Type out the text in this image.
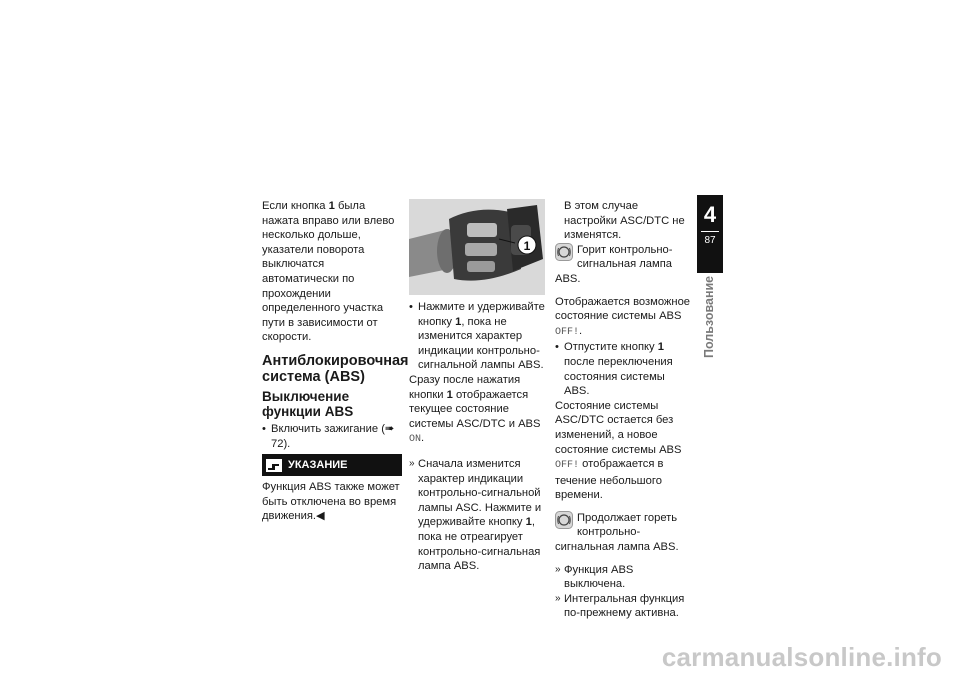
Если кнопка 1 была нажата вправо или влево несколько дольше, указатели поворота выключатся автоматически по прохождении определенного участка пути в зависимости от скорости.

Антиблокировочная система (ABS)
Выключение функции ABS

• Включить зажигание (➠ 72).

УКАЗАНИЕ

Функция ABS также может быть отключена во время движения.◀

1

• Нажмите и удерживайте кнопку 1, пока не изменится характер индикации контрольно-сигнальной лампы ABS.

Сразу после нажатия кнопки 1 отображается текущее состояние системы ASC/DTC и ABS ON.

» Сначала изменится характер индикации контрольно-сигнальной лампы ASC. Нажмите и удерживайте кнопку 1, пока не отреагирует контрольно-сигнальная лампа ABS.

В этом случае настройки ASC/DTC не изменятся.

Горит контрольно-сигнальная лампа ABS.

Отображается возможное состояние системы ABS OFF!.

• Отпустите кнопку 1 после переключения состояния системы ABS.

Состояние системы ASC/DTC остается без изменений, а новое состояние системы ABS OFF! отображается в течение небольшого времени.

Продолжает гореть контрольно-сигнальная лампа ABS.

» Функция ABS выключена.

» Интегральная функция по-прежнему активна.

4
87
Пользование
carmanualsonline.info
